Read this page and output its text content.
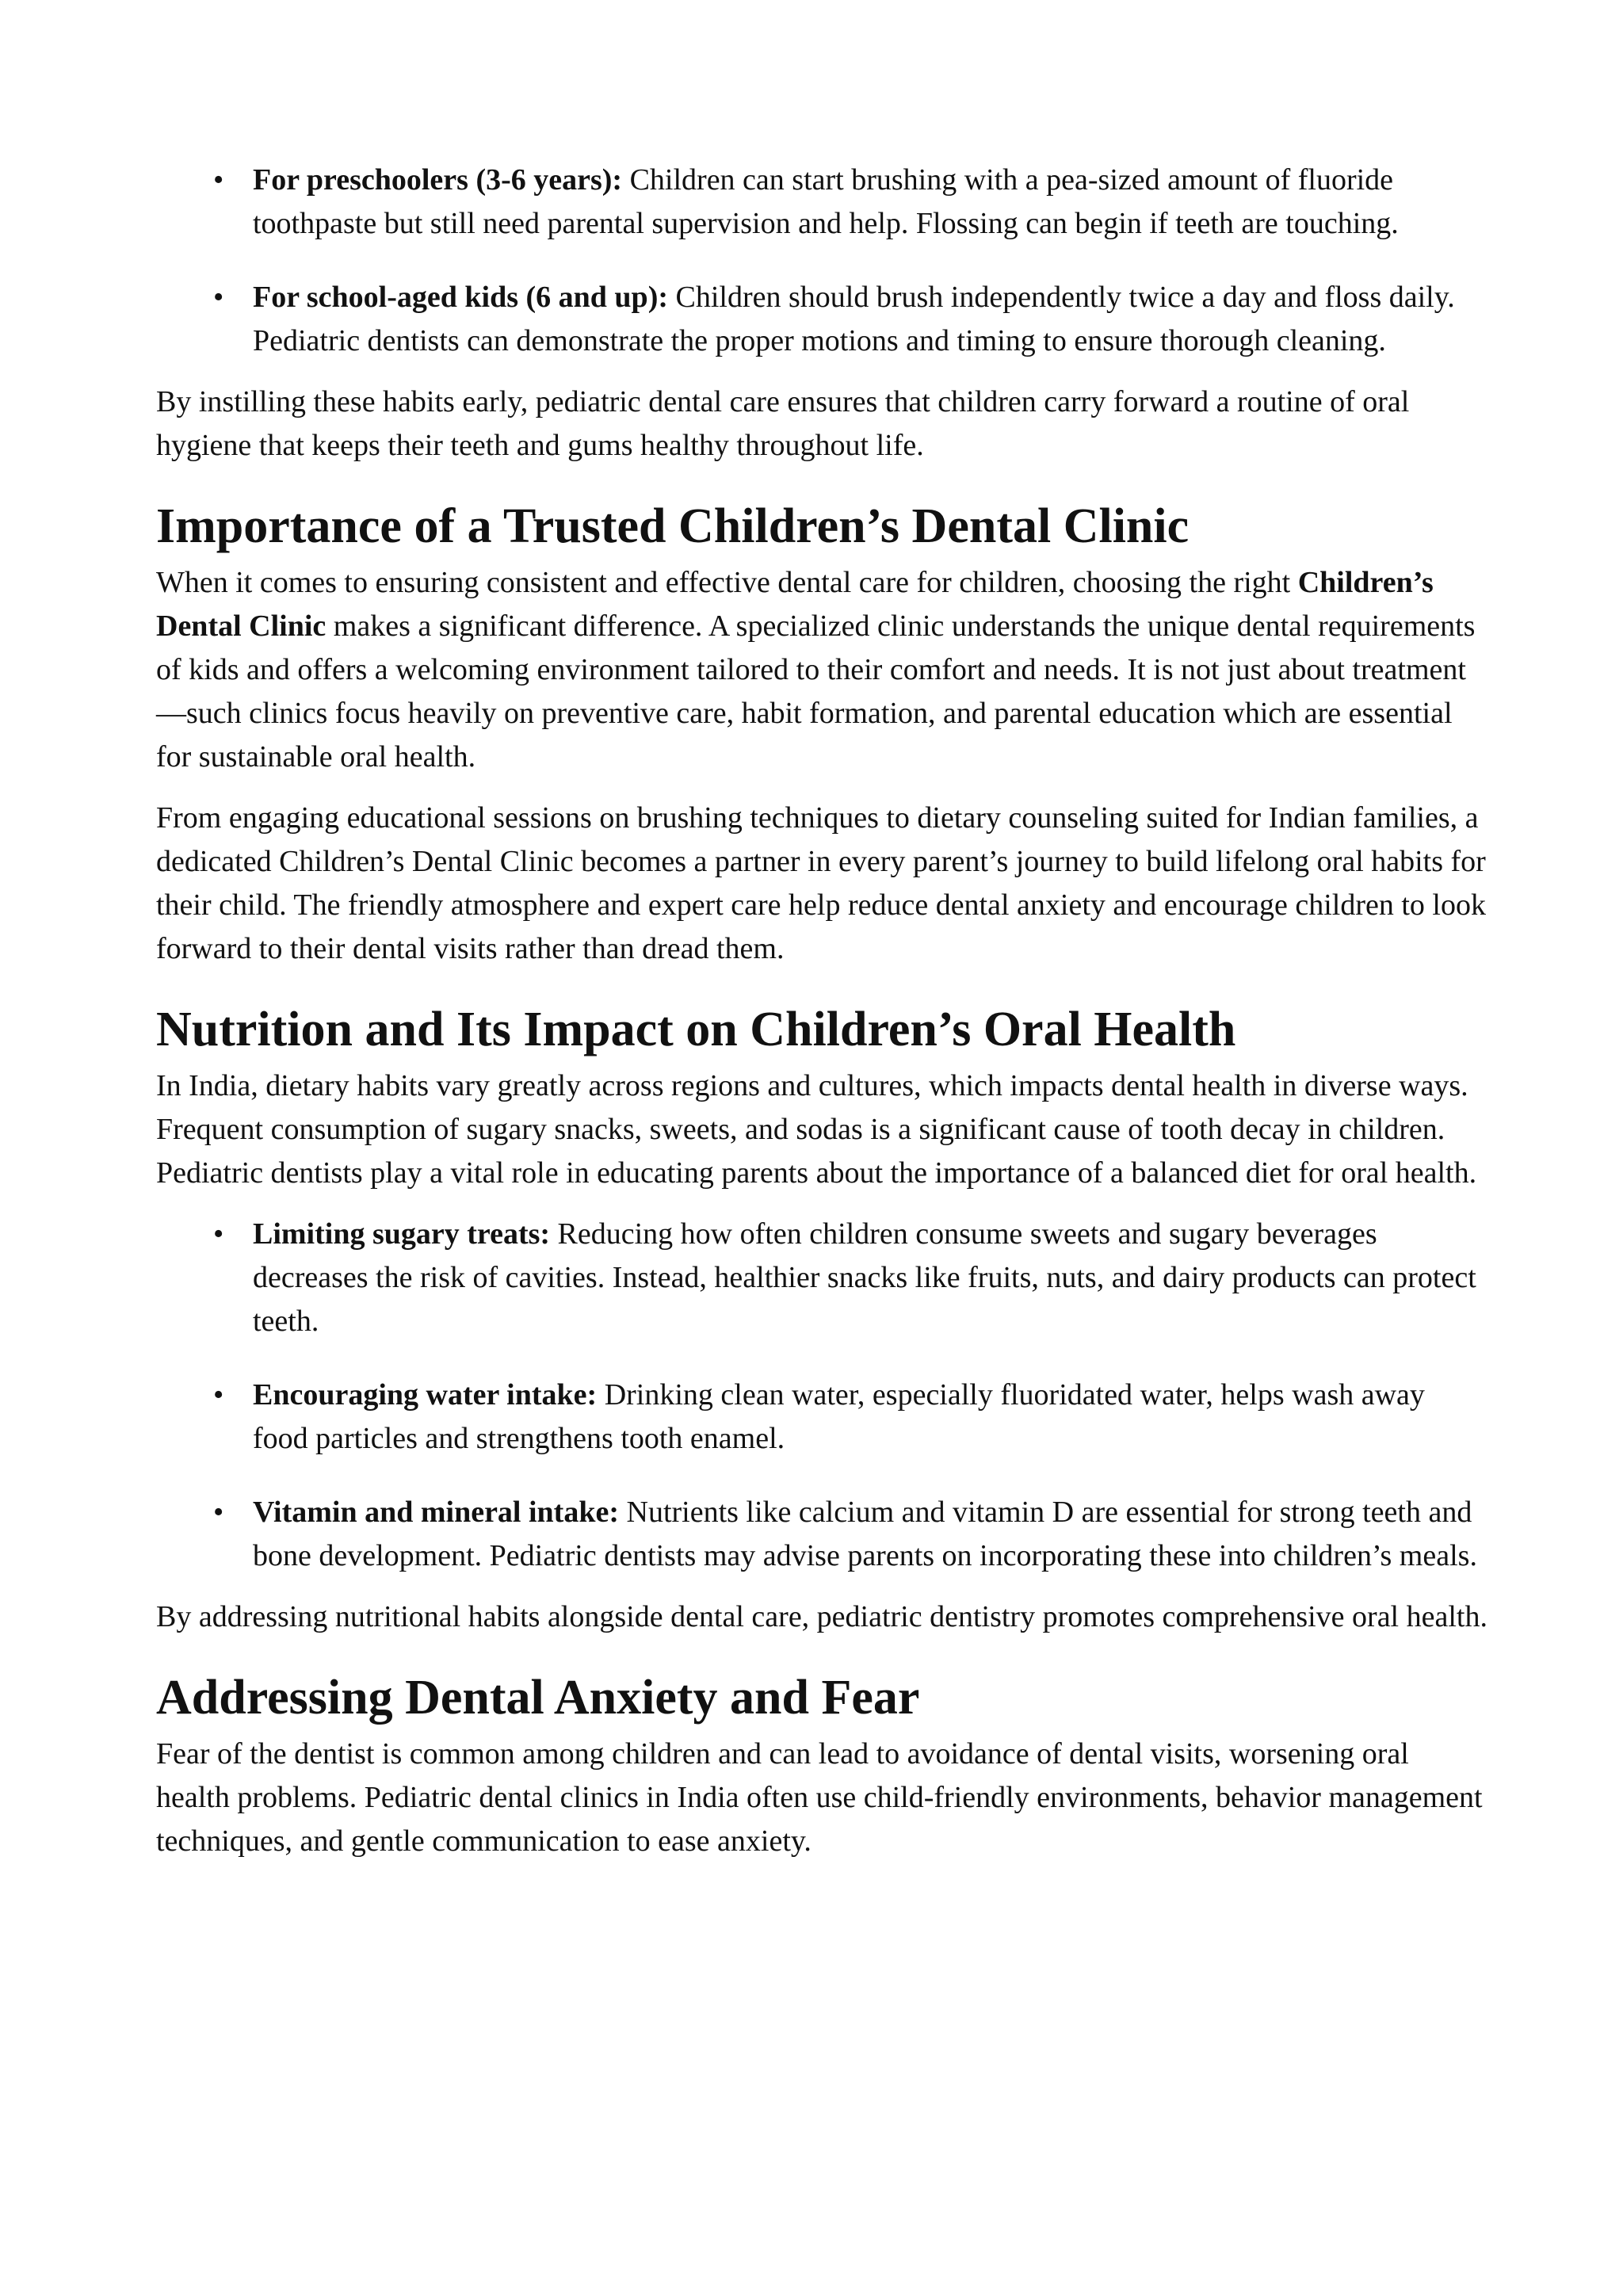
• For preschoolers (3-6 years): Children can start brushing with a pea-sized amount of fluoride toothpaste but still need parental supervision and help. Flossing can begin if teeth are touching.
• For school-aged kids (6 and up): Children should brush independently twice a day and floss daily. Pediatric dentists can demonstrate the proper motions and timing to ensure thorough cleaning.

By instilling these habits early, pediatric dental care ensures that children carry forward a routine of oral hygiene that keeps their teeth and gums healthy throughout life.

Importance of a Trusted Children’s Dental Clinic

When it comes to ensuring consistent and effective dental care for children, choosing the right Children’s Dental Clinic makes a significant difference. A specialized clinic understands the unique dental requirements of kids and offers a welcoming environment tailored to their comfort and needs. It is not just about treatment—such clinics focus heavily on preventive care, habit formation, and parental education which are essential for sustainable oral health.

From engaging educational sessions on brushing techniques to dietary counseling suited for Indian families, a dedicated Children’s Dental Clinic becomes a partner in every parent’s journey to build lifelong oral habits for their child. The friendly atmosphere and expert care help reduce dental anxiety and encourage children to look forward to their dental visits rather than dread them.

Nutrition and Its Impact on Children’s Oral Health

In India, dietary habits vary greatly across regions and cultures, which impacts dental health in diverse ways. Frequent consumption of sugary snacks, sweets, and sodas is a significant cause of tooth decay in children. Pediatric dentists play a vital role in educating parents about the importance of a balanced diet for oral health.

• Limiting sugary treats: Reducing how often children consume sweets and sugary beverages decreases the risk of cavities. Instead, healthier snacks like fruits, nuts, and dairy products can protect teeth.
• Encouraging water intake: Drinking clean water, especially fluoridated water, helps wash away food particles and strengthens tooth enamel.
• Vitamin and mineral intake: Nutrients like calcium and vitamin D are essential for strong teeth and bone development. Pediatric dentists may advise parents on incorporating these into children’s meals.

By addressing nutritional habits alongside dental care, pediatric dentistry promotes comprehensive oral health.

Addressing Dental Anxiety and Fear

Fear of the dentist is common among children and can lead to avoidance of dental visits, worsening oral health problems. Pediatric dental clinics in India often use child-friendly environments, behavior management techniques, and gentle communication to ease anxiety.
